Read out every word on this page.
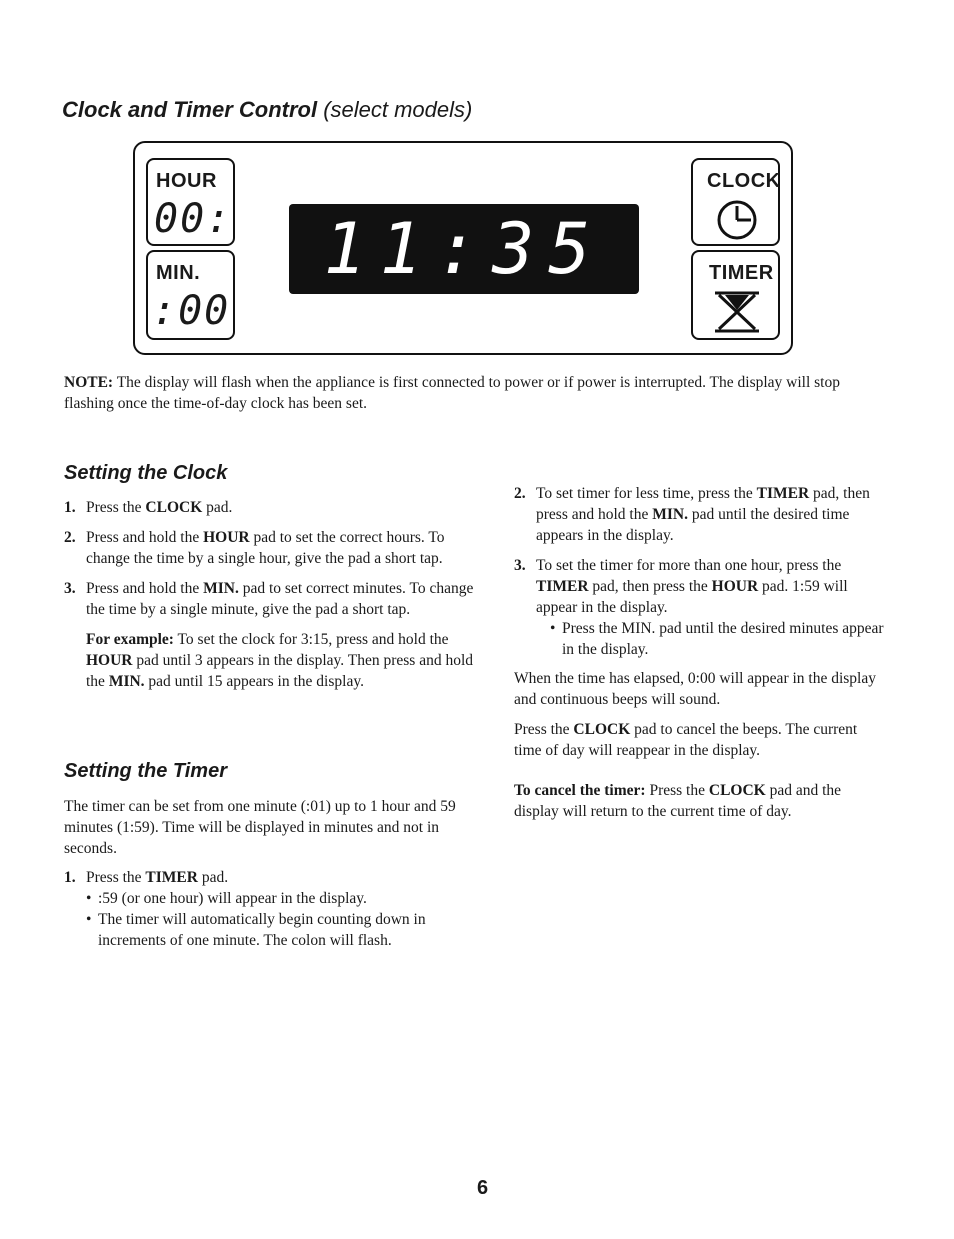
Clock and Timer Control (select models)
HOUR
00:
MIN.
:00
11:35
CLOCK
TIMER
NOTE: The display will flash when the appliance is first connected to power or if power is interrupted. The display will stop flashing once the time-of-day clock has been set.
Setting the Clock
1. Press the CLOCK pad.
2. Press and hold the HOUR pad to set the correct hours. To change the time by a single hour, give the pad a short tap.
3. Press and hold the MIN. pad to set correct minutes. To change the time by a single minute, give the pad a short tap.
For example: To set the clock for 3:15, press and hold the HOUR pad until 3 appears in the display. Then press and hold the MIN. pad until 15 appears in the display.
Setting the Timer
The timer can be set from one minute (:01) up to 1 hour and 59 minutes (1:59). Time will be displayed in minutes and not in seconds.
1. Press the TIMER pad.
• :59 (or one hour) will appear in the display.
• The timer will automatically begin counting down in increments of one minute. The colon will flash.
2. To set timer for less time, press the TIMER pad, then press and hold the MIN. pad until the desired time appears in the display.
3. To set the timer for more than one hour, press the TIMER pad, then press the HOUR pad. 1:59 will appear in the display.
• Press the MIN. pad until the desired minutes appear in the display.
When the time has elapsed, 0:00 will appear in the display and continuous beeps will sound.
Press the CLOCK pad to cancel the beeps. The current time of day will reappear in the display.
To cancel the timer: Press the CLOCK pad and the display will return to the current time of day.
6
